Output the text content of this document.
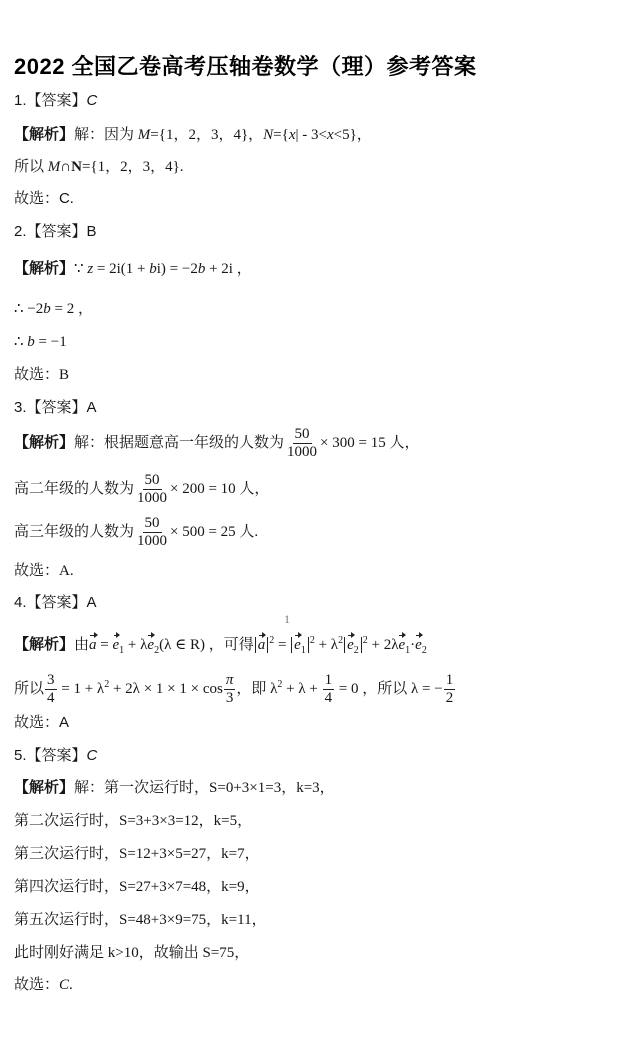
2022 全国乙卷高考压轴卷数学（理）参考答案
1.【答案】C
【解析】解：因为 M={1，2，3，4}，N={x| - 3<x<5}，
所以 M∩N={1，2，3，4}.
故选：C.
2.【答案】B
【解析】∵ z = 2i(1 + bi) = −2b + 2i ，
∴ −2b = 2 ，
∴ b = −1
故选：B
3.【答案】A
【解析】解：根据题意高一年级的人数为 $\frac{50}{1000} \times 300 = 15$ 人，
高二年级的人数为 $\frac{50}{1000} \times 200 = 10$ 人，
高三年级的人数为 $\frac{50}{1000} \times 500 = 25$ 人.
故选：A.
4.【答案】A
1
【解析】由$a = e_1 + \lambda e_2(\lambda$ ∈ R) ，可得 a $^2 = e_1^2 + \lambda^2$ $e_2^2 + 2\lambda e_1\cdot e_2$
所以 $\frac{3}{4} = 1 + \lambda^2 + 2\lambda \times 1 \times 1 \times \cos \frac{\pi}{3}$ ，即 $\lambda^2 + \lambda + \frac{1}{4} = 0$ ，所以 λ = − $\frac{1}{2}$
故选：A
5.【答案】C
【解析】解：第一次运行时，S=0+3×1=3，k=3，
第二次运行时，S=3+3×3=12，k=5，
第三次运行时，S=12+3×5=27，k=7，
第四次运行时，S=27+3×7=48，k=9，
第五次运行时，S=48+3×9=75，k=11，
此时刚好满足 k>10，故输出 S=75，
故选：C.
